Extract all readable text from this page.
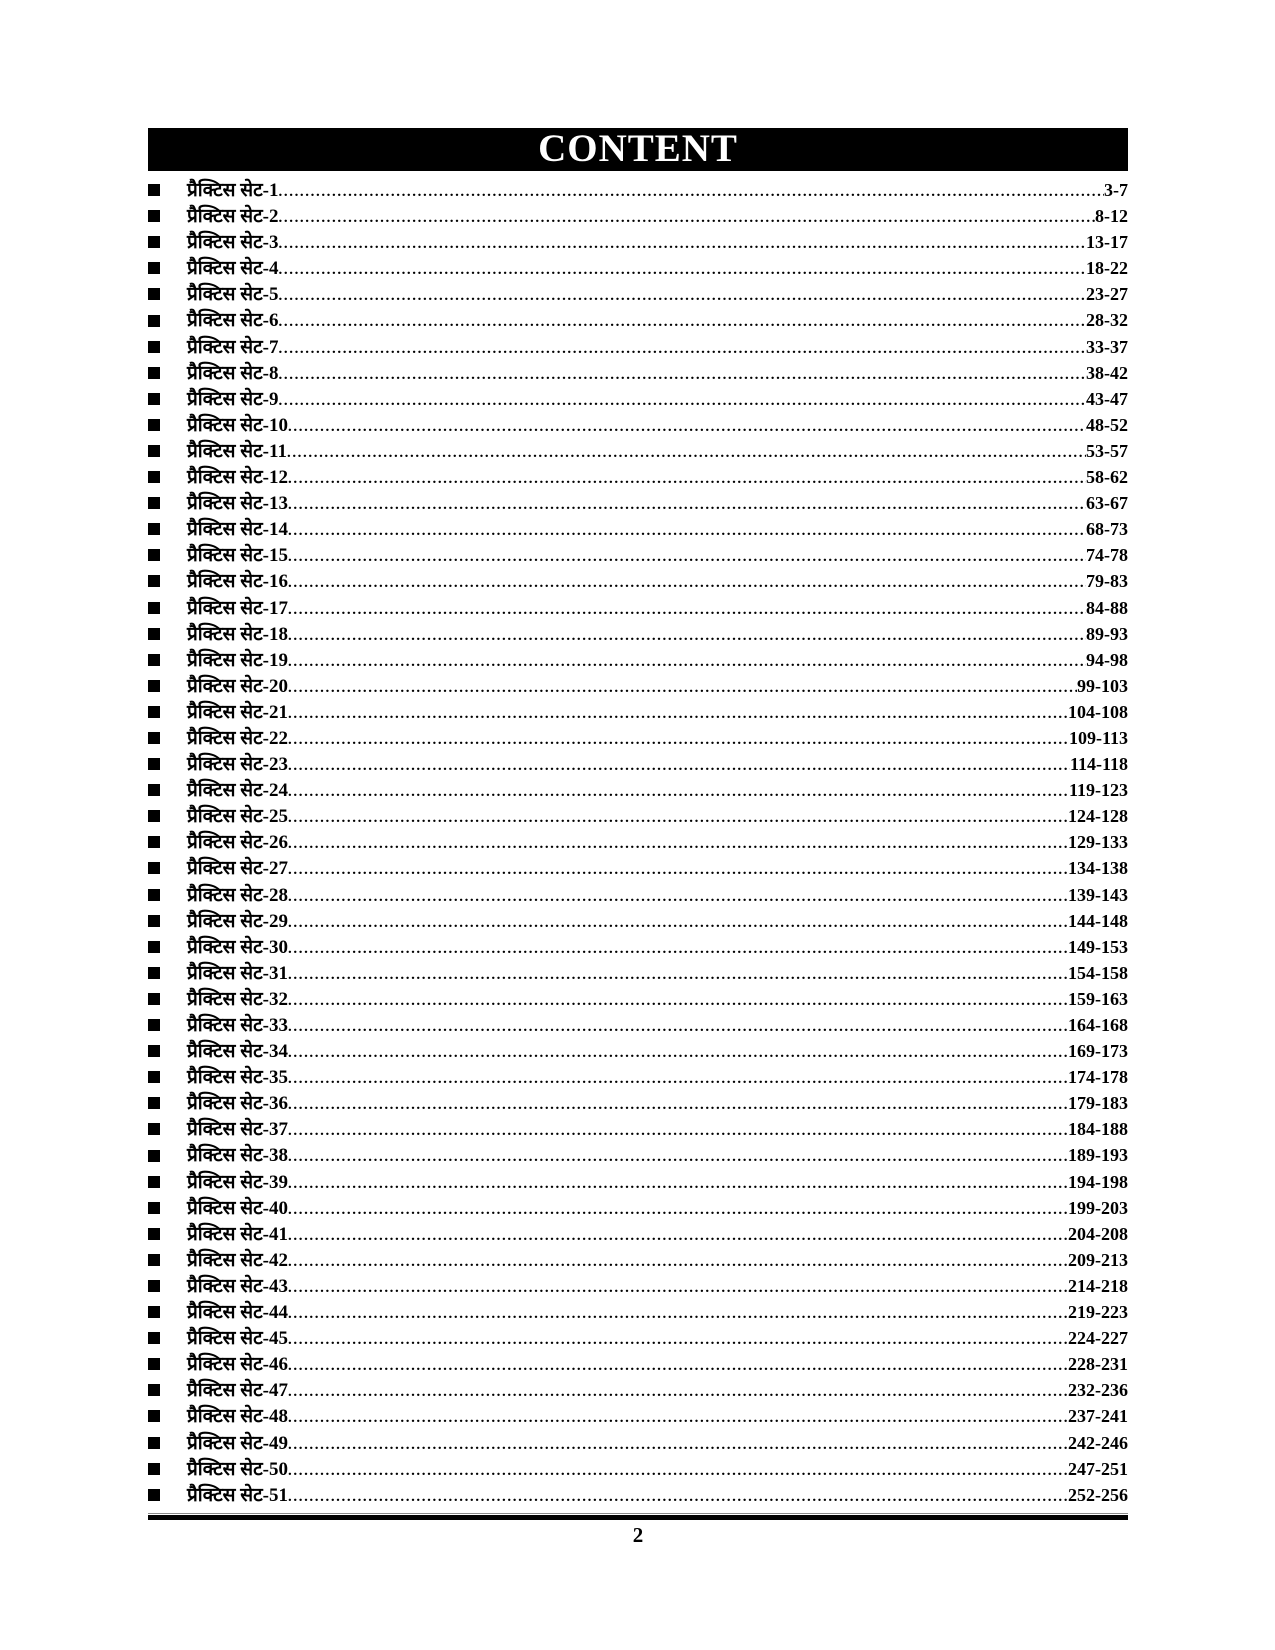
CONTENT
प्रैक्टिस सेट-1 .....	3-7
प्रैक्टिस सेट-2 .....	8-12
प्रैक्टिस सेट-3 .....	13-17
प्रैक्टिस सेट-4 .....	18-22
प्रैक्टिस सेट-5 .....	23-27
प्रैक्टिस सेट-6 .....	28-32
प्रैक्टिस सेट-7 .....	33-37
प्रैक्टिस सेट-8 .....	38-42
प्रैक्टिस सेट-9 .....	43-47
प्रैक्टिस सेट-10 .....	48-52
प्रैक्टिस सेट-11 .....	53-57
प्रैक्टिस सेट-12 .....	58-62
प्रैक्टिस सेट-13 .....	63-67
प्रैक्टिस सेट-14 .....	68-73
प्रैक्टिस सेट-15 .....	74-78
प्रैक्टिस सेट-16 .....	79-83
प्रैक्टिस सेट-17 .....	84-88
प्रैक्टिस सेट-18 .....	89-93
प्रैक्टिस सेट-19 .....	94-98
प्रैक्टिस सेट-20 .....	99-103
प्रैक्टिस सेट-21 .....	104-108
प्रैक्टिस सेट-22 .....	109-113
प्रैक्टिस सेट-23 .....	114-118
प्रैक्टिस सेट-24 .....	119-123
प्रैक्टिस सेट-25 .....	124-128
प्रैक्टिस सेट-26 .....	129-133
प्रैक्टिस सेट-27 .....	134-138
प्रैक्टिस सेट-28 .....	139-143
प्रैक्टिस सेट-29 .....	144-148
प्रैक्टिस सेट-30 .....	149-153
प्रैक्टिस सेट-31 .....	154-158
प्रैक्टिस सेट-32 .....	159-163
प्रैक्टिस सेट-33 .....	164-168
प्रैक्टिस सेट-34 .....	169-173
प्रैक्टिस सेट-35 .....	174-178
प्रैक्टिस सेट-36 .....	179-183
प्रैक्टिस सेट-37 .....	184-188
प्रैक्टिस सेट-38 .....	189-193
प्रैक्टिस सेट-39 .....	194-198
प्रैक्टिस सेट-40 .....	199-203
प्रैक्टिस सेट-41 .....	204-208
प्रैक्टिस सेट-42 .....	209-213
प्रैक्टिस सेट-43 .....	214-218
प्रैक्टिस सेट-44 .....	219-223
प्रैक्टिस सेट-45 .....	224-227
प्रैक्टिस सेट-46 .....	228-231
प्रैक्टिस सेट-47 .....	232-236
प्रैक्टिस सेट-48 .....	237-241
प्रैक्टिस सेट-49 .....	242-246
प्रैक्टिस सेट-50 .....	247-251
प्रैक्टिस सेट-51 .....	252-256
2
